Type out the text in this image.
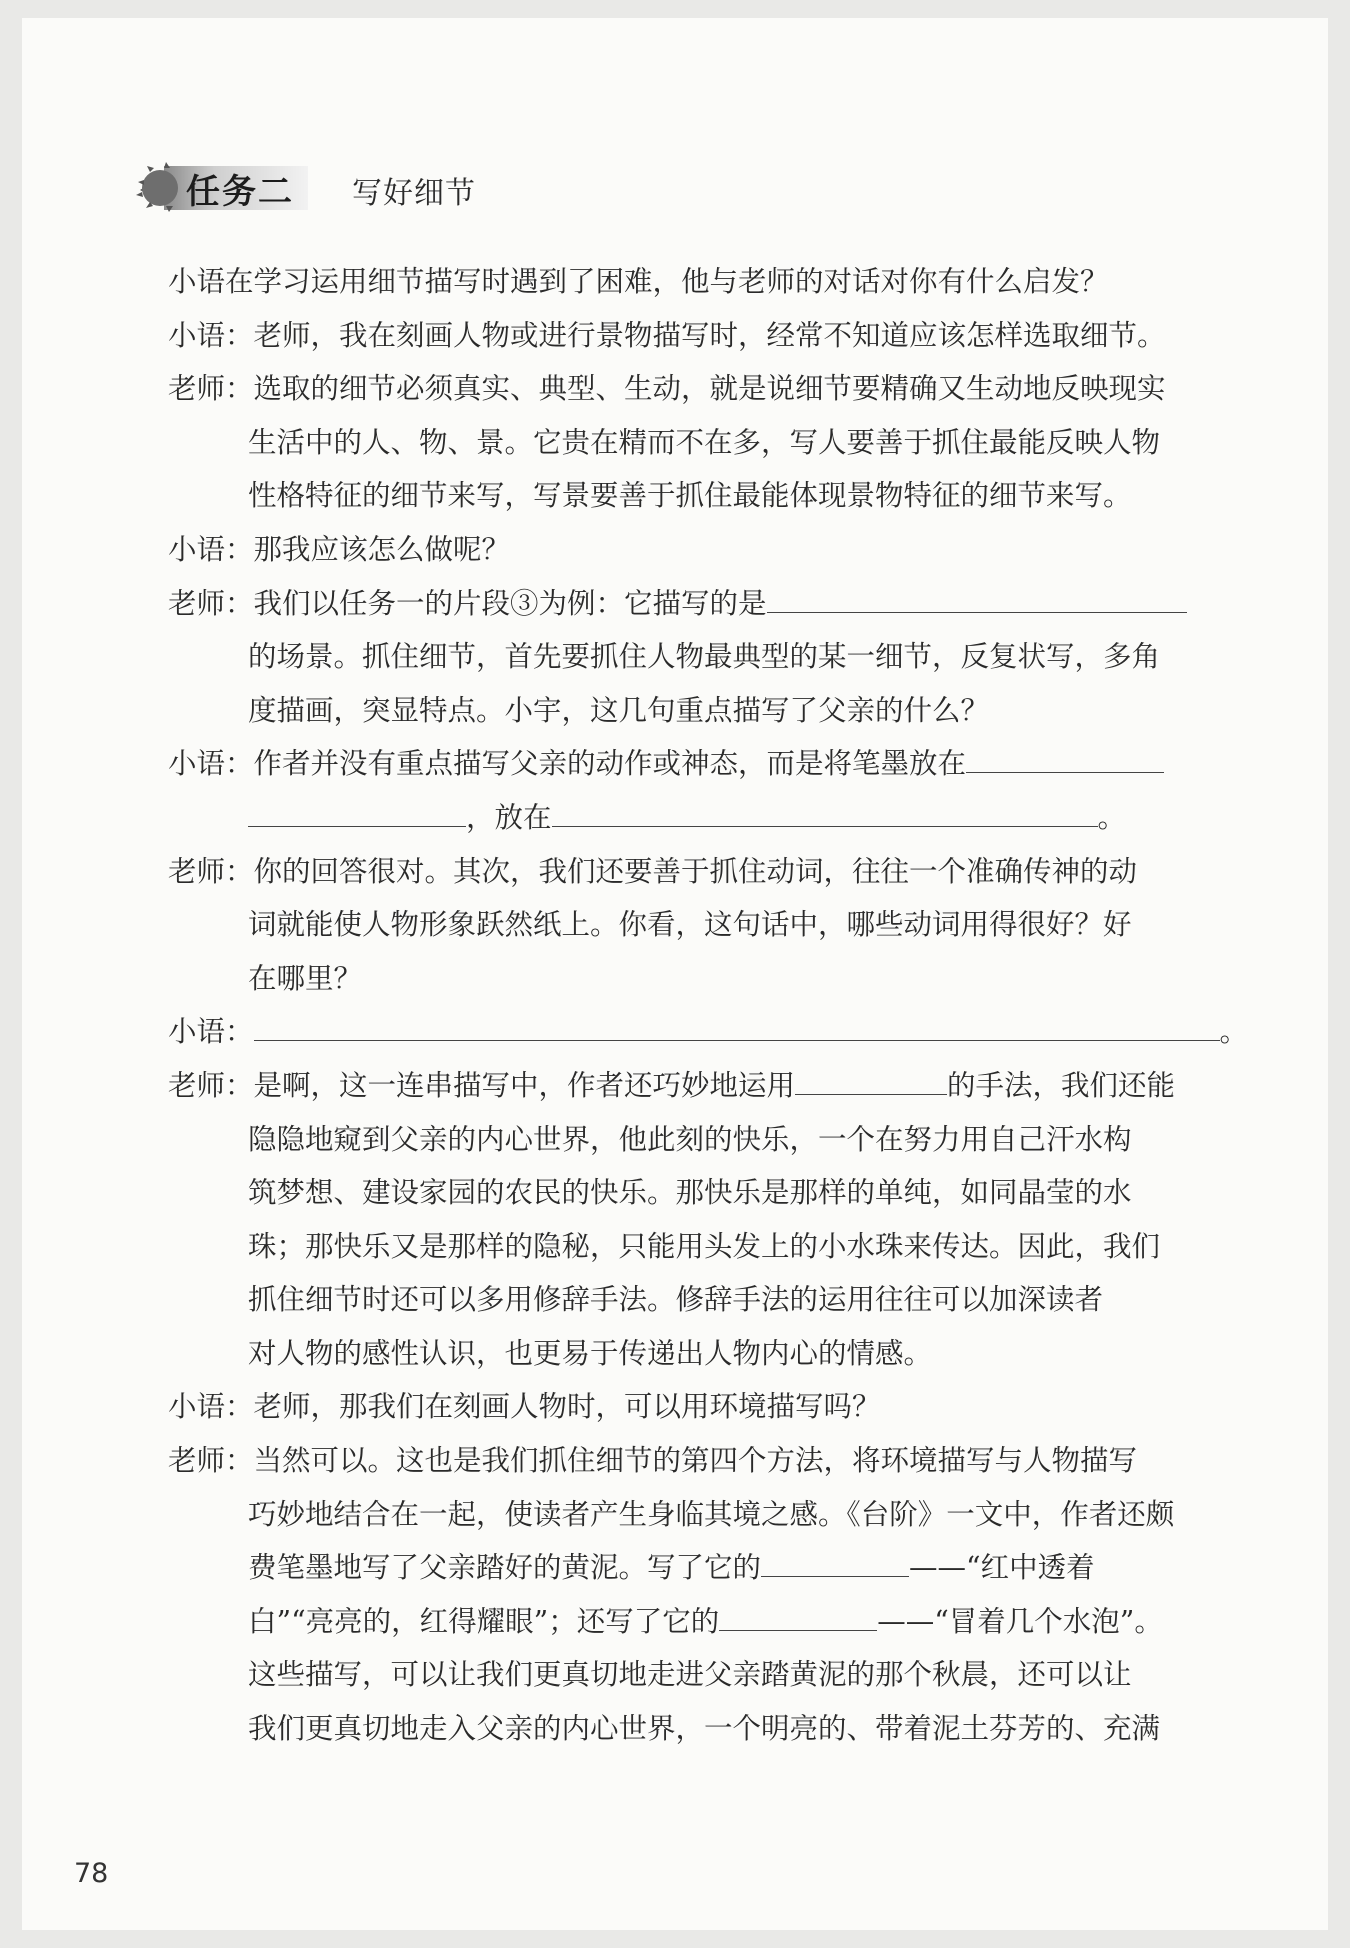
任务二 写好细节
小语在学习运用细节描写时遇到了困难，他与老师的对话对你有什么启发？
小语：老师，我在刻画人物或进行景物描写时，经常不知道应该怎样选取细节。
老师：选取的细节必须真实、典型、生动，就是说细节要精确又生动地反映现实
生活中的人、物、景。它贵在精而不在多，写人要善于抓住最能反映人物
性格特征的细节来写，写景要善于抓住最能体现景物特征的细节来写。
小语：那我应该怎么做呢？
老师：我们以任务一的片段③为例：它描写的是
的场景。抓住细节，首先要抓住人物最典型的某一细节，反复状写，多角
度描画，突显特点。小宇，这几句重点描写了父亲的什么？
小语：作者并没有重点描写父亲的动作或神态，而是将笔墨放在
，放在	。
老师：你的回答很对。其次，我们还要善于抓住动词，往往一个准确传神的动
词就能使人物形象跃然纸上。你看，这句话中，哪些动词用得很好？好
在哪里？
小语：	。
老师：是啊，这一连串描写中，作者还巧妙地运用	的手法，我们还能
隐隐地窥到父亲的内心世界，他此刻的快乐，一个在努力用自己汗水构
筑梦想、建设家园的农民的快乐。那快乐是那样的单纯，如同晶莹的水
珠；那快乐又是那样的隐秘，只能用头发上的小水珠来传达。因此，我们
抓住细节时还可以多用修辞手法。修辞手法的运用往往可以加深读者
对人物的感性认识，也更易于传递出人物内心的情感。
小语：老师，那我们在刻画人物时，可以用环境描写吗？
老师：当然可以。这也是我们抓住细节的第四个方法，将环境描写与人物描写
巧妙地结合在一起，使读者产生身临其境之感。《台阶》一文中，作者还颇
费笔墨地写了父亲踏好的黄泥。写了它的	——“红中透着
白”“亮亮的，红得耀眼”；还写了它的	——“冒着几个水泡”。
这些描写，可以让我们更真切地走进父亲踏黄泥的那个秋晨，还可以让
我们更真切地走入父亲的内心世界，一个明亮的、带着泥土芬芳的、充满
78
